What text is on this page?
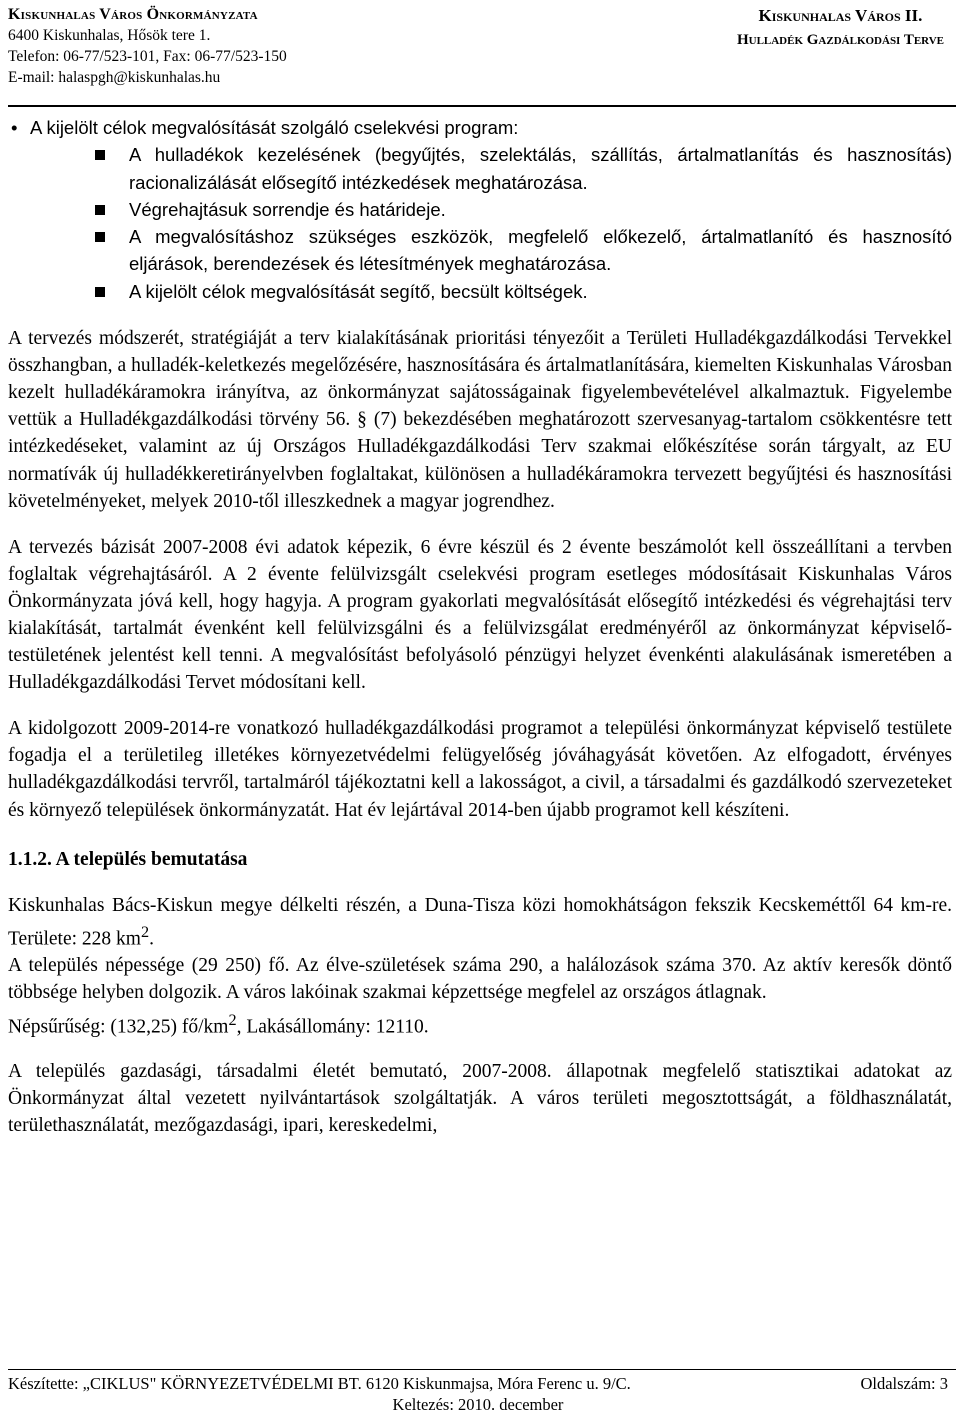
Kiskunhalas Város Önkormányzata
6400 Kiskunhalas, Hősök tere 1.
Telefon: 06-77/523-101, Fax: 06-77/523-150
E-mail: halaspgh@kiskunhalas.hu
Kiskunhalas Város II.
Hulladék Gazdálkodási Terve
• A kijelölt célok megvalósítását szolgáló cselekvési program:
A hulladékok kezelésének (begyűjtés, szelektálás, szállítás, ártalmatlanítás és hasznosítás) racionalizálását elősegítő intézkedések meghatározása.
Végrehajtásuk sorrendje és határideje.
A megvalósításhoz szükséges eszközök, megfelelő előkezelő, ártalmatlanító és hasznosító eljárások, berendezések és létesítmények meghatározása.
A kijelölt célok megvalósítását segítő, becsült költségek.

A tervezés módszerét, stratégiáját a terv kialakításának prioritási tényezőit a Területi Hulladékgazdálkodási Tervekkel összhangban, a hulladék-keletkezés megelőzésére, hasznosítására és ártalmatlanítására, kiemelten Kiskunhalas Városban kezelt hulladékáramokra irányítva, az önkormányzat sajátosságainak figyelembevételével alkalmaztuk. Figyelembe vettük a Hulladékgazdálkodási törvény 56. § (7) bekezdésében meghatározott szervesanyag-tartalom csökkentésre tett intézkedéseket, valamint az új Országos Hulladékgazdálkodási Terv szakmai előkészítése során tárgyalt, az EU normatívák új hulladékkeretirányelvben foglaltakat, különösen a hulladékáramokra tervezett begyűjtési és hasznosítási követelményeket, melyek 2010-től illeszkednek a magyar jogrendhez.

A tervezés bázisát 2007-2008 évi adatok képezik, 6 évre készül és 2 évente beszámolót kell összeállítani a tervben foglaltak végrehajtásáról. A 2 évente felülvizsgált cselekvési program esetleges módosításait Kiskunhalas Város Önkormányzata jóvá kell, hogy hagyja. A program gyakorlati megvalósítását elősegítő intézkedési és végrehajtási terv kialakítását, tartalmát évenként kell felülvizsgálni és a felülvizsgálat eredményéről az önkormányzat képviselő-testületének jelentést kell tenni. A megvalósítást befolyásoló pénzügyi helyzet évenkénti alakulásának ismeretében a Hulladékgazdálkodási Tervet módosítani kell.

A kidolgozott 2009-2014-re vonatkozó hulladékgazdálkodási programot a települési önkormányzat képviselő testülete fogadja el a területileg illetékes környezetvédelmi felügyelőség jóváhagyását követően. Az elfogadott, érvényes hulladékgazdálkodási tervről, tartalmáról tájékoztatni kell a lakosságot, a civil, a társadalmi és gazdálkodó szervezeteket és környező települések önkormányzatát. Hat év lejártával 2014-ben újabb programot kell készíteni.

1.1.2. A település bemutatása

Kiskunhalas Bács-Kiskun megye délkelti részén, a Duna-Tisza közi homokhátságon fekszik Kecskeméttől 64 km-re. Területe: 228 $km^2$.
A település népessége (29 250) fő. Az élve-születések száma 290, a halálozások száma 370. Az aktív keresők döntő többsége helyben dolgozik. A város lakóinak szakmai képzettsége megfelel az országos átlagnak.
Népsűrűség: (132,25) $fő/km^2$, Lakásállomány: 12110.

A település gazdasági, társadalmi életét bemutató, 2007-2008. állapotnak megfelelő statisztikai adatokat az Önkormányzat által vezetett nyilvántartások szolgáltatják. A város területi megosztottságát, a földhasználatát, területhasználatát, mezőgazdasági, ipari, kereskedelmi,

Készítette: „CIKLUS" KÖRNYEZETVÉDELMI BT. 6120 Kiskunmajsa, Móra Ferenc u. 9/C.	Oldalszám: 3
Keltezés: 2010. december
